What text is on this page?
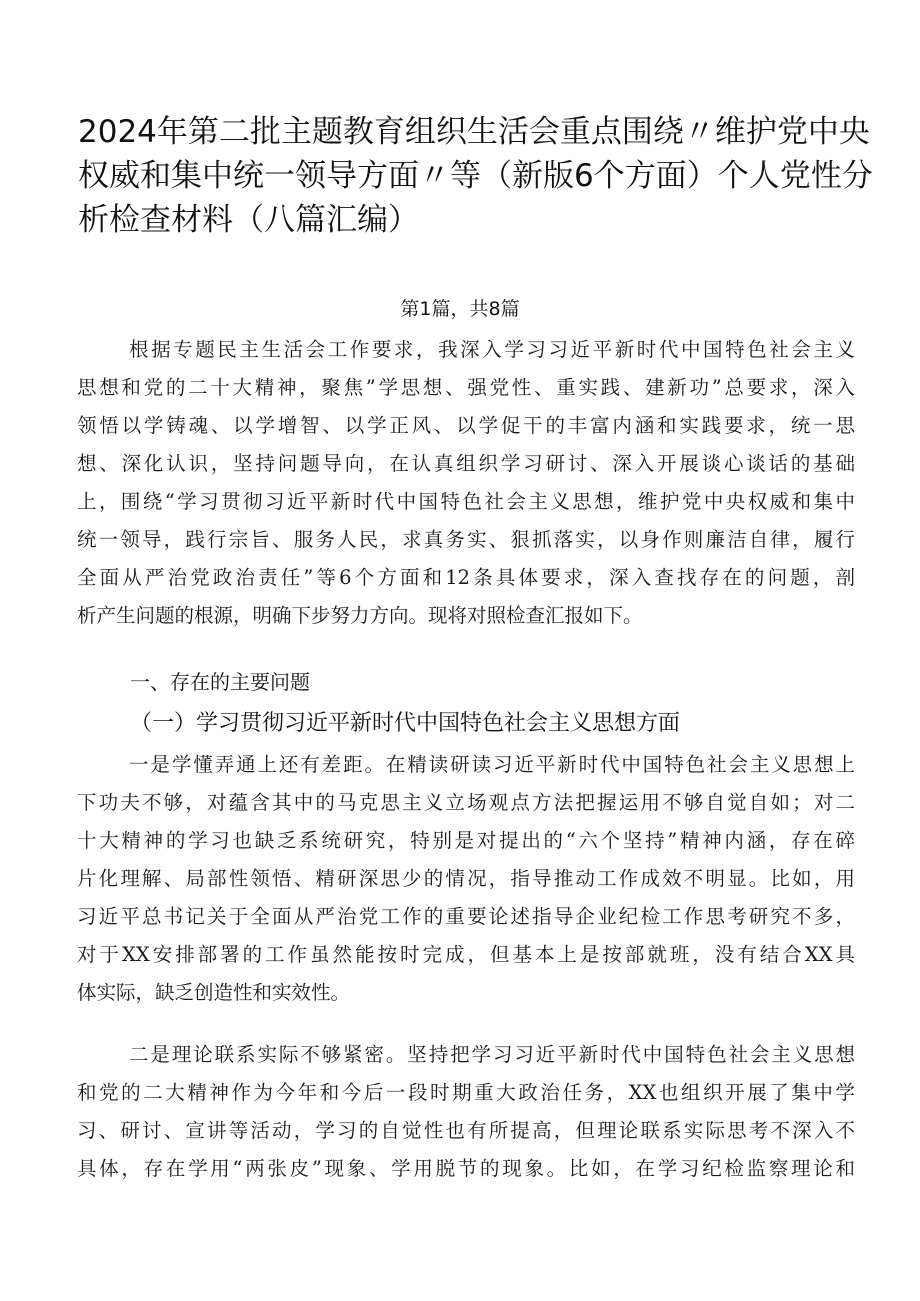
2024年第二批主题教育组织生活会重点围绕〃维护党中央
权威和集中统一领导方面〃等（新版6个方面）个人党性分
析检查材料（八篇汇编）
第1篇，共8篇
根据专题民主生活会工作要求，我深入学习习近平新时代中国特色社会主义
思想和党的二十大精神，聚焦”学思想、强党性、重实践、建新功”总要求，深入
领悟以学铸魂、以学增智、以学正风、以学促干的丰富内涵和实践要求，统一思
想、深化认识，坚持问题导向，在认真组织学习研讨、深入开展谈心谈话的基础
上，围绕“学习贯彻习近平新时代中国特色社会主义思想，维护党中央权威和集中
统一领导，践行宗旨、服务人民，求真务实、狠抓落实，以身作则廉洁自律，履行
全面从严治党政治责任”等6个方面和12条具体要求，深入查找存在的问题，剖
析产生问题的根源，明确下步努力方向。现将对照检查汇报如下。
一、存在的主要问题
（一）学习贯彻习近平新时代中国特色社会主义思想方面
一是学懂弄通上还有差距。在精读研读习近平新时代中国特色社会主义思想上
下功夫不够，对蕴含其中的马克思主义立场观点方法把握运用不够自觉自如；对二
十大精神的学习也缺乏系统研究，特别是对提出的“六个坚持”精神内涵，存在碎
片化理解、局部性领悟、精研深思少的情况，指导推动工作成效不明显。比如，用
习近平总书记关于全面从严治党工作的重要论述指导企业纪检工作思考研究不多，
对于XX安排部署的工作虽然能按时完成，但基本上是按部就班，没有结合XX具
体实际，缺乏创造性和实效性。
二是理论联系实际不够紧密。坚持把学习习近平新时代中国特色社会主义思想
和党的二大精神作为今年和今后一段时期重大政治任务，XX也组织开展了集中学
习、研讨、宣讲等活动，学习的自觉性也有所提高，但理论联系实际思考不深入不
具体，存在学用“两张皮”现象、学用脱节的现象。比如，在学习纪检监察理论和
